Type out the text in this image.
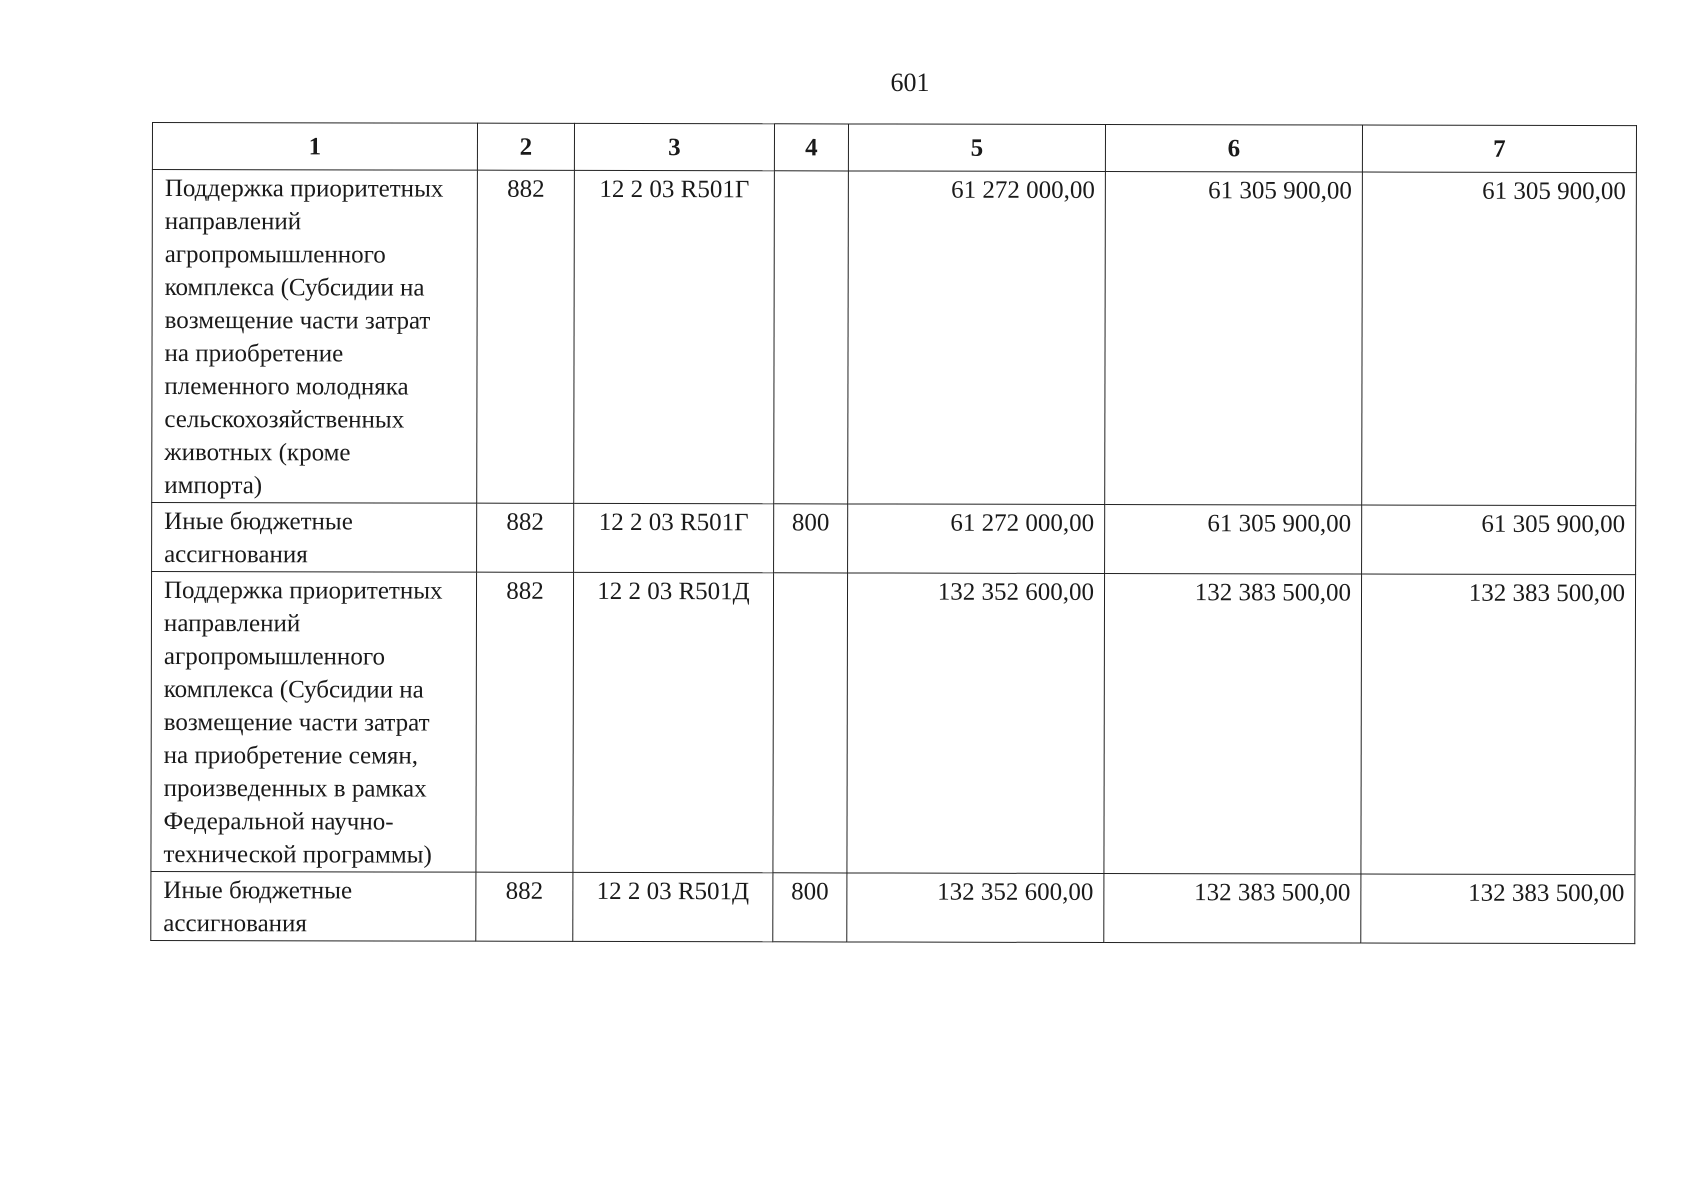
601
1	2	3	4	5	6	7

Поддержка приоритетных направлений агропромышленного комплекса (Субсидии на возмещение части затрат на приобретение племенного молодняка сельскохозяйственных животных (кроме импорта)	882	12 2 03 R501Г		61 272 000,00	61 305 900,00	61 305 900,00

Иные бюджетные ассигнования	882	12 2 03 R501Г	800	61 272 000,00	61 305 900,00	61 305 900,00

Поддержка приоритетных направлений агропромышленного комплекса (Субсидии на возмещение части затрат на приобретение семян, произведенных в рамках Федеральной научно-технической программы)	882	12 2 03 R501Д		132 352 600,00	132 383 500,00	132 383 500,00

Иные бюджетные ассигнования	882	12 2 03 R501Д	800	132 352 600,00	132 383 500,00	132 383 500,00
